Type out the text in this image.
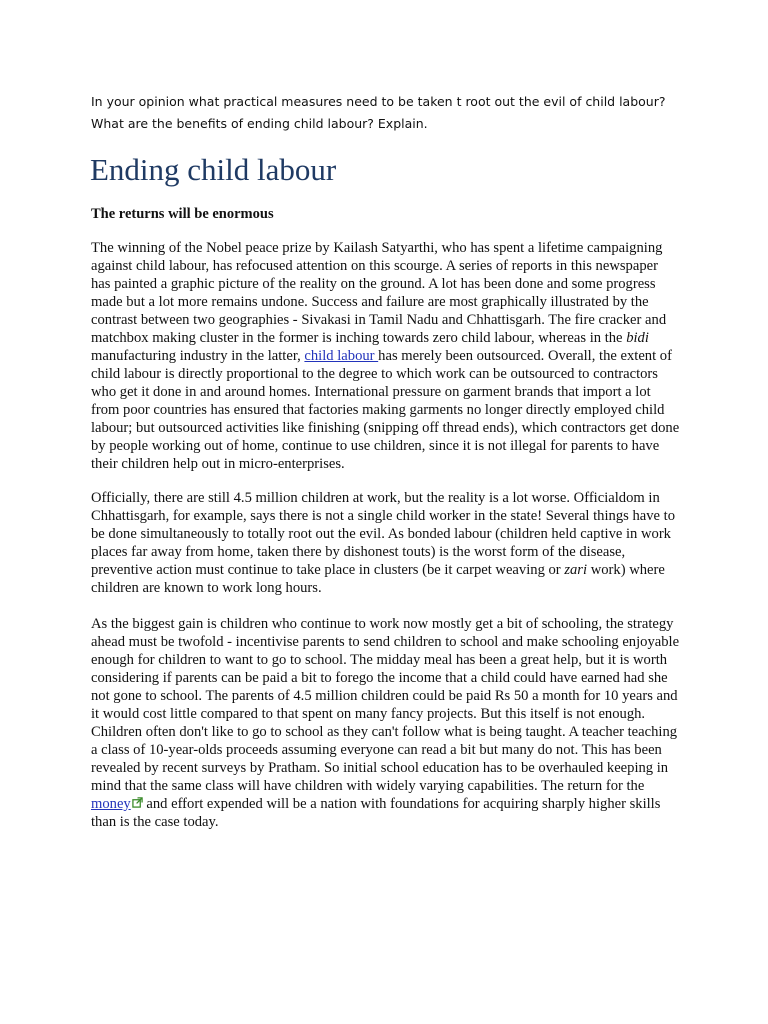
In your opinion what practical measures need to be taken t root out the evil of child labour? What are the benefits of ending child labour? Explain.
Ending child labour

The returns will be enormous

The winning of the Nobel peace prize by Kailash Satyarthi, who has spent a lifetime campaigning against child labour, has refocused attention on this scourge. A series of reports in this newspaper has painted a graphic picture of the reality on the ground. A lot has been done and some progress made but a lot more remains undone. Success and failure are most graphically illustrated by the contrast between two geographies - Sivakasi in Tamil Nadu and Chhattisgarh. The fire cracker and matchbox making cluster in the former is inching towards zero child labour, whereas in the bidi manufacturing industry in the latter, child labour has merely been outsourced. Overall, the extent of child labour is directly proportional to the degree to which work can be outsourced to contractors who get it done in and around homes. International pressure on garment brands that import a lot from poor countries has ensured that factories making garments no longer directly employed child labour; but outsourced activities like finishing (snipping off thread ends), which contractors get done by people working out of home, continue to use children, since it is not illegal for parents to have their children help out in micro-enterprises.

Officially, there are still 4.5 million children at work, but the reality is a lot worse. Officialdom in Chhattisgarh, for example, says there is not a single child worker in the state! Several things have to be done simultaneously to totally root out the evil. As bonded labour (children held captive in work places far away from home, taken there by dishonest touts) is the worst form of the disease, preventive action must continue to take place in clusters (be it carpet weaving or zari work) where children are known to work long hours.

As the biggest gain is children who continue to work now mostly get a bit of schooling, the strategy ahead must be twofold - incentivise parents to send children to school and make schooling enjoyable enough for children to want to go to school. The midday meal has been a great help, but it is worth considering if parents can be paid a bit to forego the income that a child could have earned had she not gone to school. The parents of 4.5 million children could be paid Rs 50 a month for 10 years and it would cost little compared to that spent on many fancy projects. But this itself is not enough. Children often don't like to go to school as they can't follow what is being taught. A teacher teaching a class of 10-year-olds proceeds assuming everyone can read a bit but many do not. This has been revealed by recent surveys by Pratham. So initial school education has to be overhauled keeping in mind that the same class will have children with widely varying capabilities. The return for the money and effort expended will be a nation with foundations for acquiring sharply higher skills than is the case today.
